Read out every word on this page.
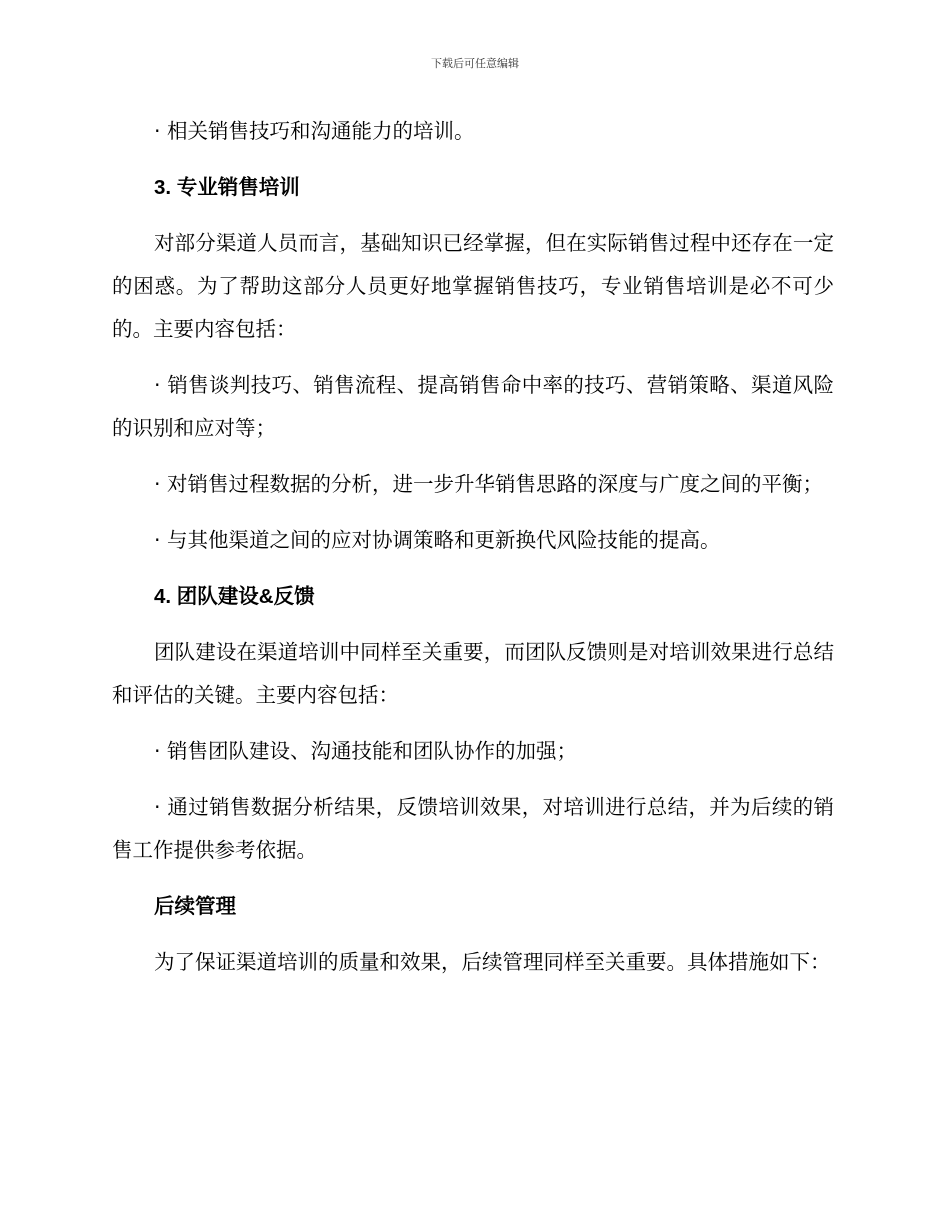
下载后可任意编辑

· 相关销售技巧和沟通能力的培训。

3. 专业销售培训

对部分渠道人员而言，基础知识已经掌握，但在实际销售过程中还存在一定的困惑。为了帮助这部分人员更好地掌握销售技巧，专业销售培训是必不可少的。主要内容包括：

· 销售谈判技巧、销售流程、提高销售命中率的技巧、营销策略、渠道风险的识别和应对等；

· 对销售过程数据的分析，进一步升华销售思路的深度与广度之间的平衡；

· 与其他渠道之间的应对协调策略和更新换代风险技能的提高。

4. 团队建设&反馈

团队建设在渠道培训中同样至关重要，而团队反馈则是对培训效果进行总结和评估的关键。主要内容包括：

· 销售团队建设、沟通技能和团队协作的加强；

· 通过销售数据分析结果，反馈培训效果，对培训进行总结，并为后续的销售工作提供参考依据。

后续管理

为了保证渠道培训的质量和效果，后续管理同样至关重要。具体措施如下：
